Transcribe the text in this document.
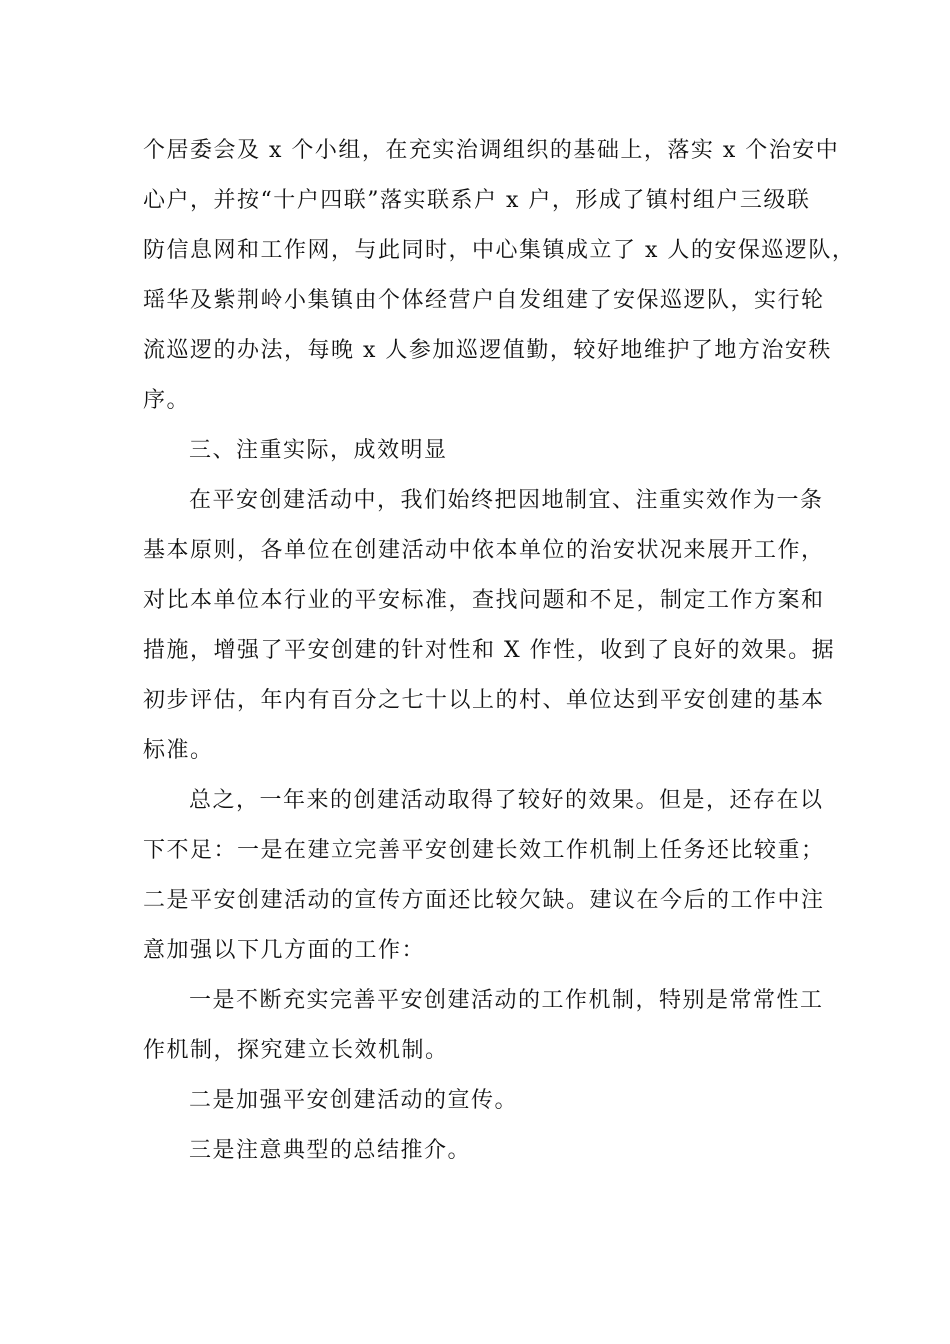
个居委会及 x 个小组，在充实治调组织的基础上，落实 x 个治安中
心户，并按“十户四联”落实联系户 x 户，形成了镇村组户三级联
防信息网和工作网，与此同时，中心集镇成立了 x 人的安保巡逻队，
瑶华及紫荆岭小集镇由个体经营户自发组建了安保巡逻队，实行轮
流巡逻的办法，每晚 x 人参加巡逻值勤，较好地维护了地方治安秩
序。
三、注重实际，成效明显
在平安创建活动中，我们始终把因地制宜、注重实效作为一条
基本原则，各单位在创建活动中依本单位的治安状况来展开工作，
对比本单位本行业的平安标准，查找问题和不足，制定工作方案和
措施，增强了平安创建的针对性和 X 作性，收到了良好的效果。据
初步评估，年内有百分之七十以上的村、单位达到平安创建的基本
标准。
总之，一年来的创建活动取得了较好的效果。但是，还存在以
下不足：一是在建立完善平安创建长效工作机制上任务还比较重；
二是平安创建活动的宣传方面还比较欠缺。建议在今后的工作中注
意加强以下几方面的工作：
一是不断充实完善平安创建活动的工作机制，特别是常常性工
作机制，探究建立长效机制。
二是加强平安创建活动的宣传。
三是注意典型的总结推介。
